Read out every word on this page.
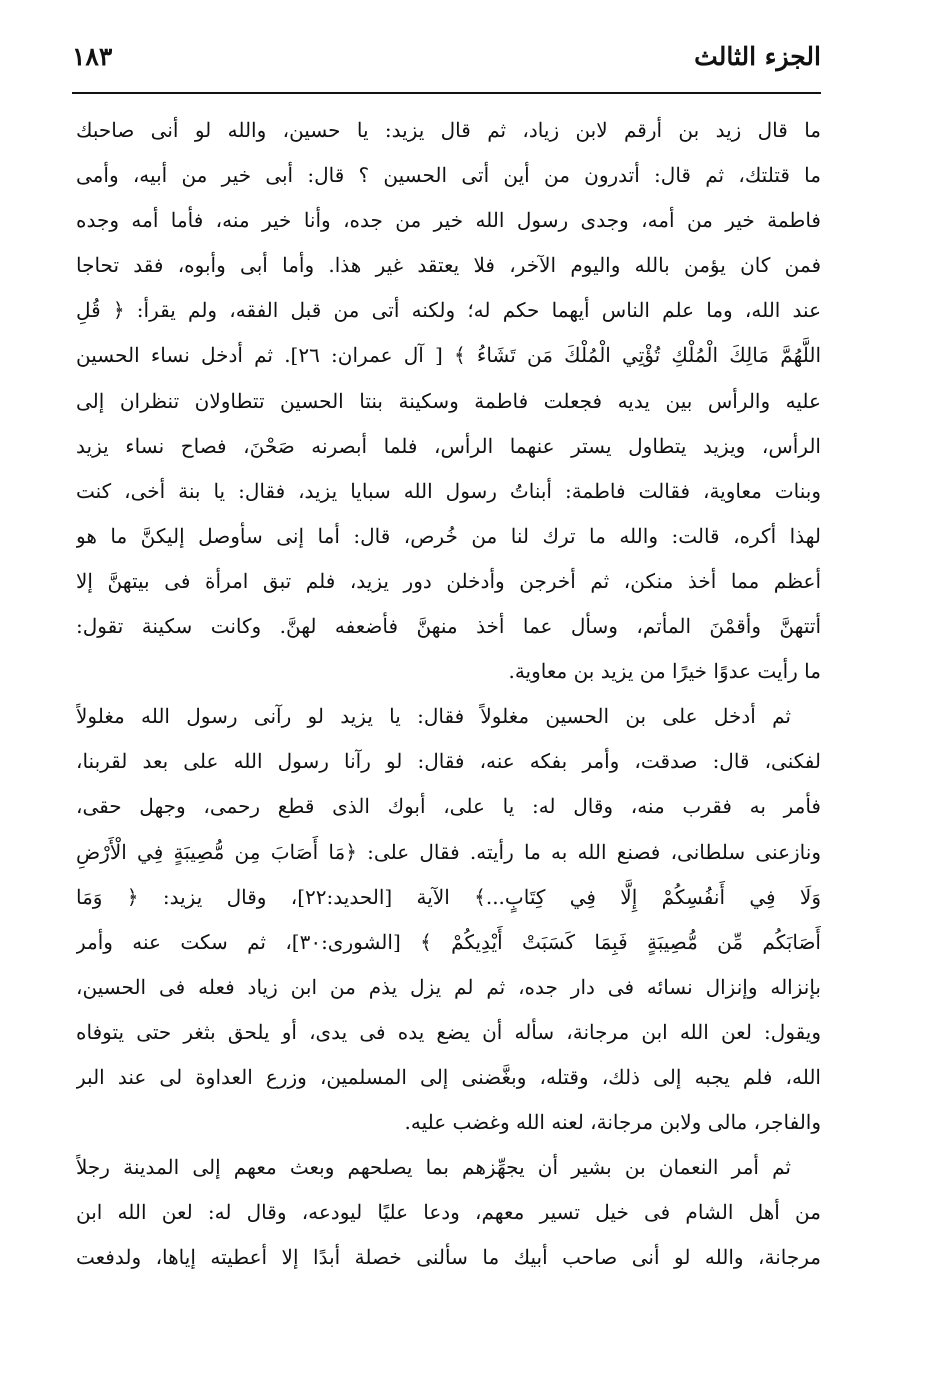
الجزء الثالث
١٨٣
ما قال زيد بن أرقم لابن زياد، ثم قال يزيد: يا حسين، والله لو أنى صاحبك
ما قتلتك، ثم قال: أتدرون من أين أتى الحسين ؟ قال: أبى خير من أبيه، وأمى
فاطمة خير من أمه، وجدى رسول الله خير من جده، وأنا خير منه، فأما أمه وجده
فمن كان يؤمن بالله واليوم الآخر، فلا يعتقد غير هذا. وأما أبى وأبوه، فقد تحاجا
عند الله، وما علم الناس أيهما حكم له؛ ولكنه أتى من قبل الفقه، ولم يقرأ: ﴿ قُلِ
اللَّهُمَّ مَالِكَ الْمُلْكِ تُؤْتِي الْمُلْكَ مَن تَشَاءُ ﴾ [ آل عمران: ٢٦]. ثم أدخل نساء الحسين
عليه والرأس بين يديه فجعلت فاطمة وسكينة بنتا الحسين تتطاولان تنظران إلى
الرأس، ويزيد يتطاول يستر عنهما الرأس، فلما أبصرنه صَحْنَ، فصاح نساء يزيد
وبنات معاوية، فقالت فاطمة: أبناتُ رسول الله سبايا يزيد، فقال: يا بنة أخى، كنت
لهذا أكره، قالت: والله ما ترك لنا من خُرص، قال: أما إنى سأوصل إليكنَّ ما هو
أعظم مما أخذ منكن، ثم أخرجن وأدخلن دور يزيد، فلم تبق امرأة فى بيتهنَّ إلا
أتتهنَّ وأقمْنَ المأتم، وسأل عما أخذ منهنَّ فأضعفه لهنَّ. وكانت سكينة تقول:
ما رأيت عدوًا خيرًا من يزيد بن معاوية.
ثم أدخل على بن الحسين مغلولاً فقال: يا يزيد لو رآنى رسول الله مغلولاً
لفكنى، قال: صدقت، وأمر بفكه عنه، فقال: لو رآنا رسول الله على بعد لقربنا،
فأمر به فقرب منه، وقال له: يا على، أبوك الذى قطع رحمى، وجهل حقى،
ونازعنى سلطانى، فصنع الله به ما رأيته. فقال على: ﴿مَا أَصَابَ مِن مُّصِيبَةٍ فِي الْأَرْضِ
وَلَا فِي أَنفُسِكُمْ إِلَّا فِي كِتَابٍ...﴾ الآية [الحديد:٢٢]، وقال يزيد: ﴿ وَمَا
أَصَابَكُم مِّن مُّصِيبَةٍ فَبِمَا كَسَبَتْ أَيْدِيكُمْ ﴾ [الشورى:٣٠]، ثم سكت عنه وأمر
بإنزاله وإنزال نسائه فى دار جده، ثم لم يزل يذم من ابن زياد فعله فى الحسين،
ويقول: لعن الله ابن مرجانة، سأله أن يضع يده فى يدى، أو يلحق بثغر حتى يتوفاه
الله، فلم يجبه إلى ذلك، وقتله، وبغَّضنى إلى المسلمين، وزرع العداوة لى عند البر
والفاجر، مالى ولابن مرجانة، لعنه الله وغضب عليه.
ثم أمر النعمان بن بشير أن يجهِّزهم بما يصلحهم وبعث معهم إلى المدينة رجلاً
من أهل الشام فى خيل تسير معهم، ودعا عليًا ليودعه، وقال له: لعن الله ابن
مرجانة، والله لو أنى صاحب أبيك ما سألنى خصلة أبدًا إلا أعطيته إياها، ولدفعت
